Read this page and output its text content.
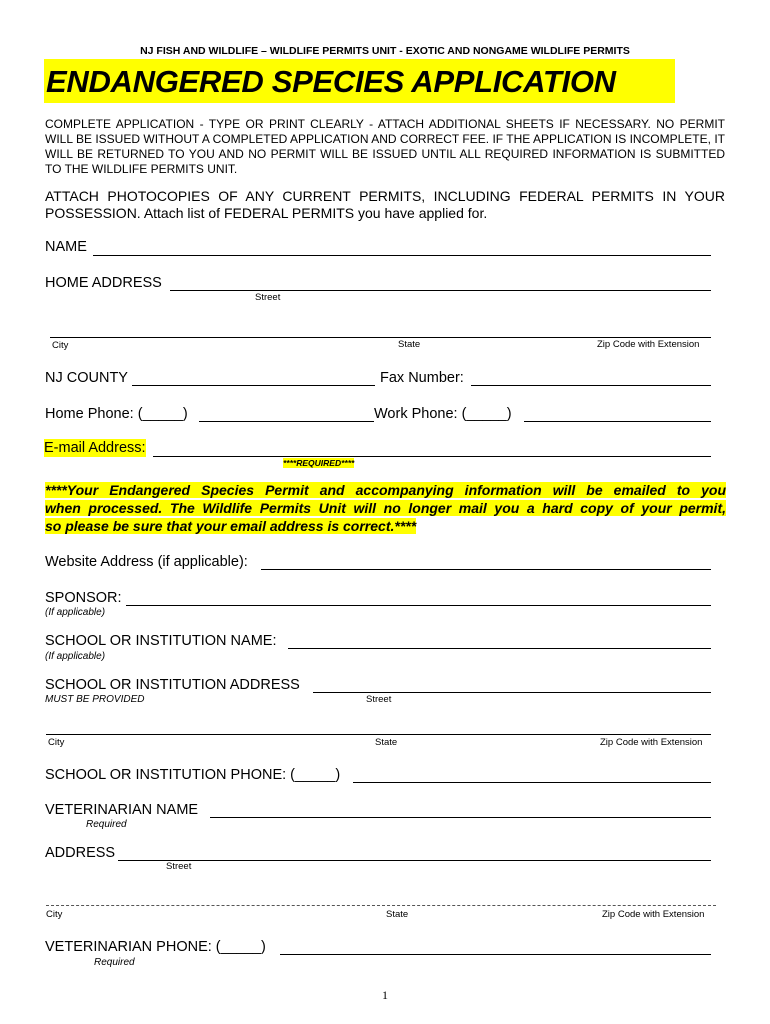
NJ FISH AND WILDLIFE – WILDLIFE PERMITS UNIT - EXOTIC AND NONGAME WILDLIFE PERMITS
ENDANGERED SPECIES APPLICATION
COMPLETE APPLICATION - TYPE OR PRINT CLEARLY - ATTACH ADDITIONAL SHEETS IF NECESSARY. NO PERMIT WILL BE ISSUED WITHOUT A COMPLETED APPLICATION AND CORRECT FEE. IF THE APPLICATION IS INCOMPLETE, IT WILL BE RETURNED TO YOU AND NO PERMIT WILL BE ISSUED UNTIL ALL REQUIRED INFORMATION IS SUBMITTED TO THE WILDLIFE PERMITS UNIT.
ATTACH PHOTOCOPIES OF ANY CURRENT PERMITS, INCLUDING FEDERAL PERMITS IN YOUR POSSESSION. Attach list of FEDERAL PERMITS you have applied for.
NAME
HOME ADDRESS
Street
City	State	Zip Code with Extension
NJ COUNTY	Fax Number:
Home Phone: (_____)	Work Phone: (_____)
E-mail Address:
****REQUIRED****
****Your Endangered Species Permit and accompanying information will be emailed to you
when processed. The Wildlife Permits Unit will no longer mail you a hard copy of your permit,
so please be sure that your email address is correct.****
Website Address (if applicable):
SPONSOR:
(If applicable)
SCHOOL OR INSTITUTION NAME:
(If applicable)
SCHOOL OR INSTITUTION ADDRESS
MUST BE PROVIDED	Street
City	State	Zip Code with Extension
SCHOOL OR INSTITUTION PHONE: (_____)
VETERINARIAN NAME
Required
ADDRESS
Street
City	State	Zip Code with Extension
VETERINARIAN PHONE: (_____)
Required
1
